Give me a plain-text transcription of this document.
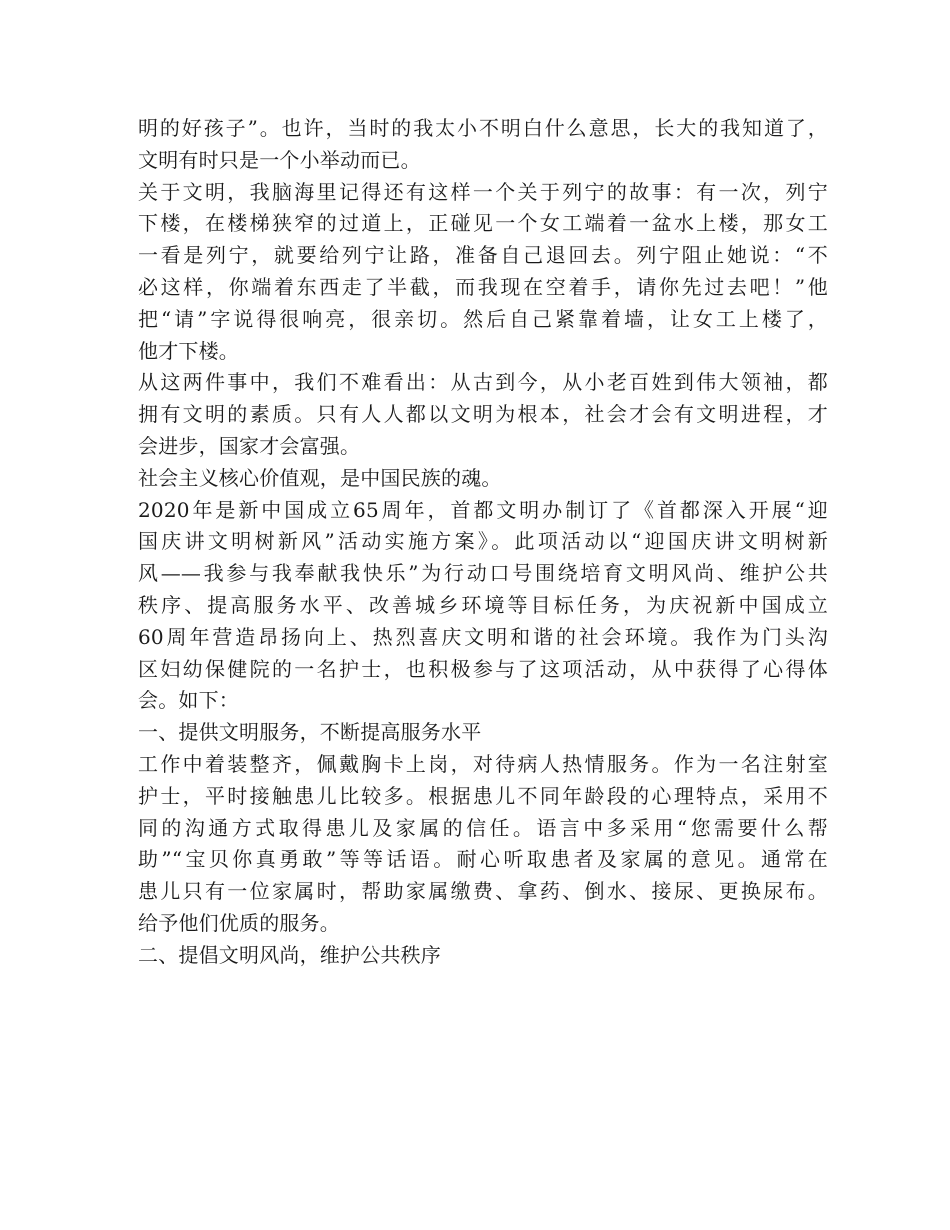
明的好孩子”。也许，当时的我太小不明白什么意思，长大的我知道了，
文明有时只是一个小举动而已。
关于文明，我脑海里记得还有这样一个关于列宁的故事：有一次，列宁
下楼，在楼梯狭窄的过道上，正碰见一个女工端着一盆水上楼，那女工
一看是列宁，就要给列宁让路，准备自己退回去。列宁阻止她说：“不
必这样，你端着东西走了半截，而我现在空着手，请你先过去吧！”他
把“请”字说得很响亮，很亲切。然后自己紧靠着墙，让女工上楼了，
他才下楼。
从这两件事中，我们不难看出：从古到今，从小老百姓到伟大领袖，都
拥有文明的素质。只有人人都以文明为根本，社会才会有文明进程，才
会进步，国家才会富强。
社会主义核心价值观，是中国民族的魂。
2020年是新中国成立65周年，首都文明办制订了《首都深入开展“迎
国庆讲文明树新风”活动实施方案》。此项活动以“迎国庆讲文明树新
风——我参与我奉献我快乐”为行动口号围绕培育文明风尚、维护公共
秩序、提高服务水平、改善城乡环境等目标任务，为庆祝新中国成立
60周年营造昂扬向上、热烈喜庆文明和谐的社会环境。我作为门头沟
区妇幼保健院的一名护士，也积极参与了这项活动，从中获得了心得体
会。如下：
一、提供文明服务，不断提高服务水平
工作中着装整齐，佩戴胸卡上岗，对待病人热情服务。作为一名注射室
护士，平时接触患儿比较多。根据患儿不同年龄段的心理特点，采用不
同的沟通方式取得患儿及家属的信任。语言中多采用“您需要什么帮
助”“宝贝你真勇敢”等等话语。耐心听取患者及家属的意见。通常在
患儿只有一位家属时，帮助家属缴费、拿药、倒水、接尿、更换尿布。
给予他们优质的服务。
二、提倡文明风尚，维护公共秩序
